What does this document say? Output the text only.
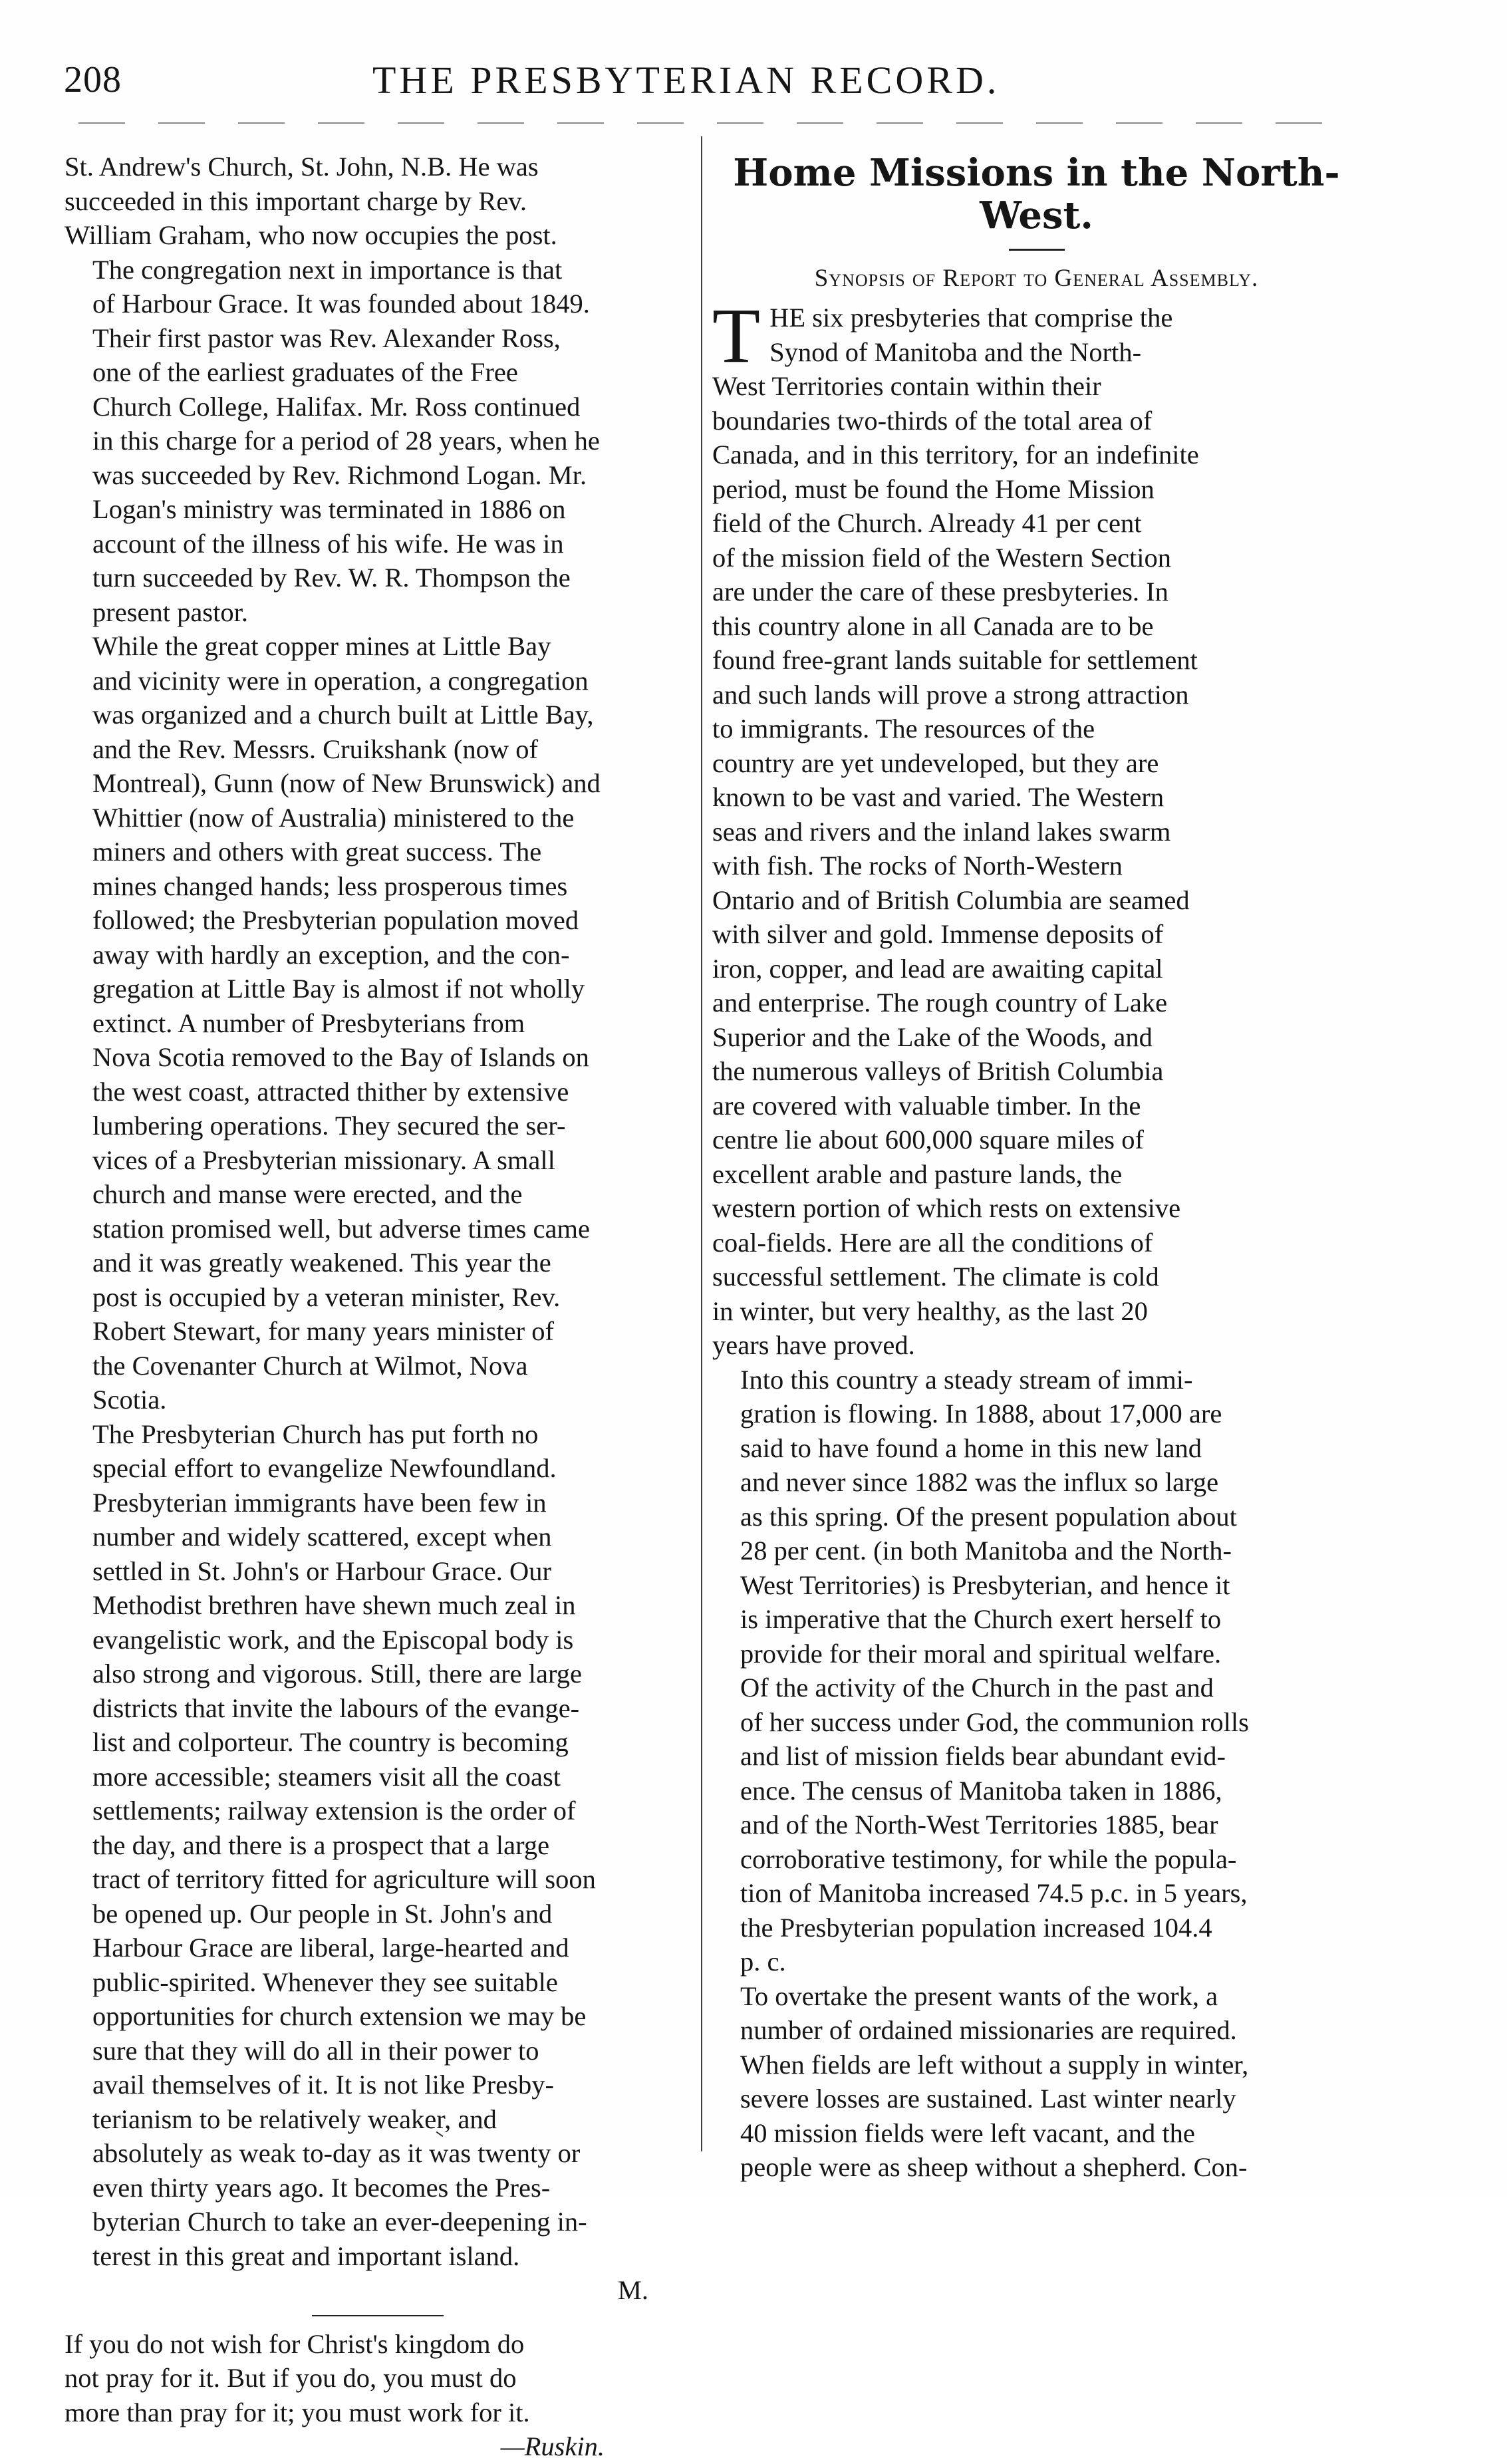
208	THE PRESBYTERIAN RECORD.

St. Andrew's Church, St. John, N.B. He was
succeeded in this important charge by Rev.
William Graham, who now occupies the post.

The congregation next in importance is that
of Harbour Grace. It was founded about 1849.
Their first pastor was Rev. Alexander Ross,
one of the earliest graduates of the Free
Church College, Halifax. Mr. Ross continued
in this charge for a period of 28 years, when he
was succeeded by Rev. Richmond Logan. Mr.
Logan's ministry was terminated in 1886 on
account of the illness of his wife. He was in
turn succeeded by Rev. W. R. Thompson the
present pastor.

While the great copper mines at Little Bay
and vicinity were in operation, a congregation
was organized and a church built at Little Bay,
and the Rev. Messrs. Cruikshank (now of
Montreal), Gunn (now of New Brunswick) and
Whittier (now of Australia) ministered to the
miners and others with great success. The
mines changed hands; less prosperous times
followed; the Presbyterian population moved
away with hardly an exception, and the con-
gregation at Little Bay is almost if not wholly
extinct. A number of Presbyterians from
Nova Scotia removed to the Bay of Islands on
the west coast, attracted thither by extensive
lumbering operations. They secured the ser-
vices of a Presbyterian missionary. A small
church and manse were erected, and the
station promised well, but adverse times came
and it was greatly weakened. This year the
post is occupied by a veteran minister, Rev.
Robert Stewart, for many years minister of
the Covenanter Church at Wilmot, Nova
Scotia.

The Presbyterian Church has put forth no
special effort to evangelize Newfoundland.
Presbyterian immigrants have been few in
number and widely scattered, except when
settled in St. John's or Harbour Grace. Our
Methodist brethren have shewn much zeal in
evangelistic work, and the Episcopal body is
also strong and vigorous. Still, there are large
districts that invite the labours of the evange-
list and colporteur. The country is becoming
more accessible; steamers visit all the coast
settlements; railway extension is the order of
the day, and there is a prospect that a large
tract of territory fitted for agriculture will soon
be opened up. Our people in St. John's and
Harbour Grace are liberal, large-hearted and
public-spirited. Whenever they see suitable
opportunities for church extension we may be
sure that they will do all in their power to
avail themselves of it. It is not like Presby-
terianism to be relatively weaker, and
absolutely as weak to-day as it was twenty or
even thirty years ago. It becomes the Pres-
byterian Church to take an ever-deepening in-
terest in this great and important island.

M.

If you do not wish for Christ's kingdom do
not pray for it. But if you do, you must do
more than pray for it; you must work for it.
—Ruskin.

Home Missions in the North-West.
Synopsis of Report to General Assembly.

T HE six presbyteries that comprise the
Synod of Manitoba and the North-
West Territories contain within their
boundaries two-thirds of the total area of
Canada, and in this territory, for an indefinite
period, must be found the Home Mission
field of the Church. Already 41 per cent
of the mission field of the Western Section
are under the care of these presbyteries. In
this country alone in all Canada are to be
found free-grant lands suitable for settlement
and such lands will prove a strong attraction
to immigrants. The resources of the
country are yet undeveloped, but they are
known to be vast and varied. The Western
seas and rivers and the inland lakes swarm
with fish. The rocks of North-Western
Ontario and of British Columbia are seamed
with silver and gold. Immense deposits of
iron, copper, and lead are awaiting capital
and enterprise. The rough country of Lake
Superior and the Lake of the Woods, and
the numerous valleys of British Columbia
are covered with valuable timber. In the
centre lie about 600,000 square miles of
excellent arable and pasture lands, the
western portion of which rests on extensive
coal-fields. Here are all the conditions of
successful settlement. The climate is cold
in winter, but very healthy, as the last 20
years have proved.

Into this country a steady stream of immi-
gration is flowing. In 1888, about 17,000 are
said to have found a home in this new land
and never since 1882 was the influx so large
as this spring. Of the present population about
28 per cent. (in both Manitoba and the North-
West Territories) is Presbyterian, and hence it
is imperative that the Church exert herself to
provide for their moral and spiritual welfare.
Of the activity of the Church in the past and
of her success under God, the communion rolls
and list of mission fields bear abundant evid-
ence. The census of Manitoba taken in 1886,
and of the North-West Territories 1885, bear
corroborative testimony, for while the popula-
tion of Manitoba increased 74.5 p.c. in 5 years,
the Presbyterian population increased 104.4
p. c.

To overtake the present wants of the work, a
number of ordained missionaries are required.
When fields are left without a supply in winter,
severe losses are sustained. Last winter nearly
40 mission fields were left vacant, and the
people were as sheep without a shepherd. Con-
